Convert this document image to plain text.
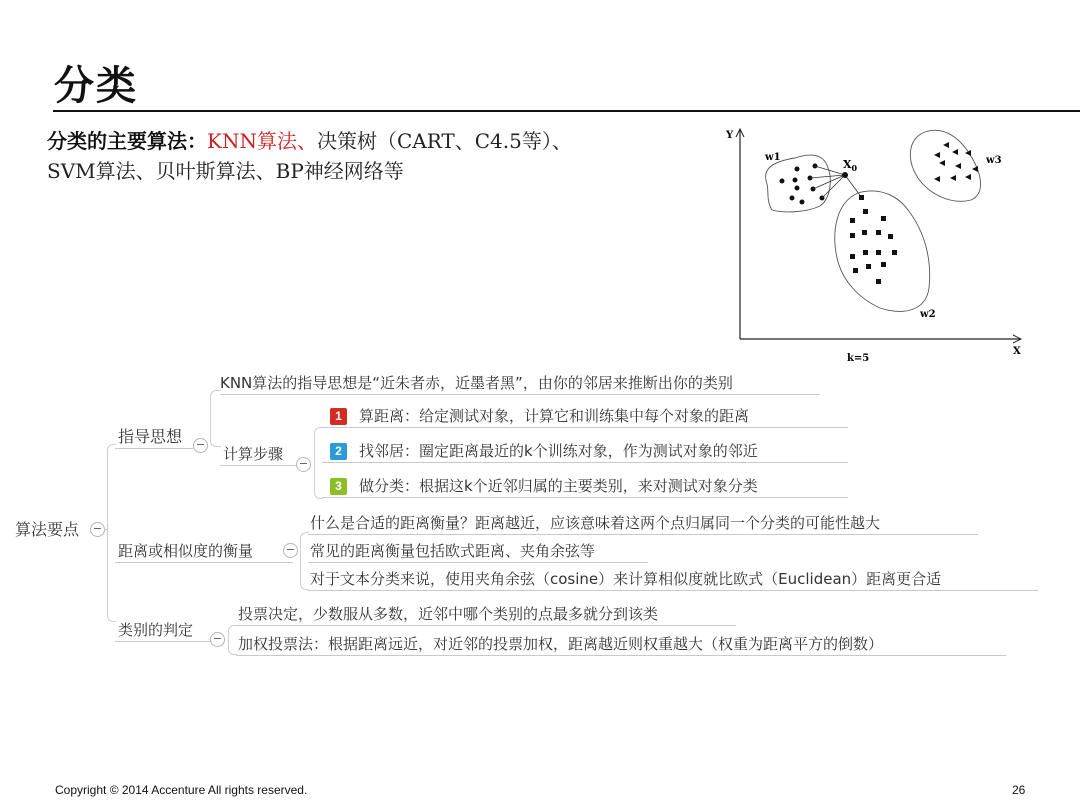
分类
分类的主要算法：KNN算法、决策树（CART、C4.5等）、
SVM算法、贝叶斯算法、BP神经网络等
Y
X
k=5
w1
$X_0$
w2
w3
算法要点 −
指导思想	−
KNN算法的指导思想是“近朱者赤，近墨者黑”，由你的邻居来推断出你的类别
计算步骤
−
1 算距离：给定测试对象，计算它和训练集中每个对象的距离
2 找邻居：圈定距离最近的k个训练对象，作为测试对象的邻近
3 做分类：根据这k个近邻归属的主要类别，来对测试对象分类
距离或相似度的衡量	−
什么是合适的距离衡量？距离越近，应该意味着这两个点归属同一个分类的可能性越大
常见的距离衡量包括欧式距离、夹角余弦等
对于文本分类来说，使用夹角余弦（cosine）来计算相似度就比欧式（Euclidean）距离更合适
类别的判定	−
投票决定，少数服从多数，近邻中哪个类别的点最多就分到该类
加权投票法：根据距离远近，对近邻的投票加权，距离越近则权重越大（权重为距离平方的倒数）
Copyright © 2014 Accenture All rights reserved.	26
